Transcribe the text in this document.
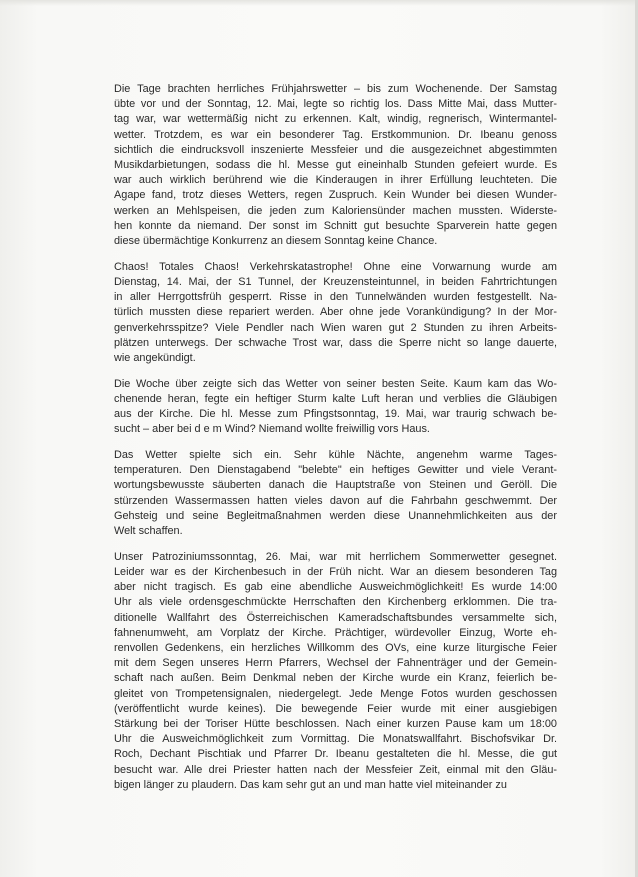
Die Tage brachten herrliches Frühjahrswetter – bis zum Wochenende. Der Samstag
übte vor und der Sonntag, 12. Mai, legte so richtig los. Dass Mitte Mai, dass Mutter-
tag war, war wettermäßig nicht zu erkennen. Kalt, windig, regnerisch, Wintermantel-
wetter. Trotzdem, es war ein besonderer Tag. Erstkommunion. Dr. Ibeanu genoss
sichtlich die eindrucksvoll inszenierte Messfeier und die ausgezeichnet abgestimmten
Musikdarbietungen, sodass die hl. Messe gut eineinhalb Stunden gefeiert wurde. Es
war auch wirklich berührend wie die Kinderaugen in ihrer Erfüllung leuchteten. Die
Agape fand, trotz dieses Wetters, regen Zuspruch. Kein Wunder bei diesen Wunder-
werken an Mehlspeisen, die jeden zum Kaloriensünder machen mussten. Widerste-
hen konnte da niemand. Der sonst im Schnitt gut besuchte Sparverein hatte gegen
diese übermächtige Konkurrenz an diesem Sonntag keine Chance.
Chaos! Totales Chaos! Verkehrskatastrophe! Ohne eine Vorwarnung wurde am
Dienstag, 14. Mai, der S1 Tunnel, der Kreuzensteintunnel, in beiden Fahrtrichtungen
in aller Herrgottsfrüh gesperrt. Risse in den Tunnelwänden wurden festgestellt. Na-
türlich mussten diese repariert werden. Aber ohne jede Vorankündigung? In der Mor-
genverkehrsspitze? Viele Pendler nach Wien waren gut 2 Stunden zu ihren Arbeits-
plätzen unterwegs. Der schwache Trost war, dass die Sperre nicht so lange dauerte,
wie angekündigt.
Die Woche über zeigte sich das Wetter von seiner besten Seite. Kaum kam das Wo-
chenende heran, fegte ein heftiger Sturm kalte Luft heran und verblies die Gläubigen
aus der Kirche. Die hl. Messe zum Pfingstsonntag, 19. Mai, war traurig schwach be-
sucht – aber bei d e m Wind? Niemand wollte freiwillig vors Haus.
Das Wetter spielte sich ein. Sehr kühle Nächte, angenehm warme Tages-
temperaturen. Den Dienstagabend "belebte" ein heftiges Gewitter und viele Verant-
wortungsbewusste säuberten danach die Hauptstraße von Steinen und Geröll. Die
stürzenden Wassermassen hatten vieles davon auf die Fahrbahn geschwemmt. Der
Gehsteig und seine Begleitmaßnahmen werden diese Unannehmlichkeiten aus der
Welt schaffen.
Unser Patroziniumssonntag, 26. Mai, war mit herrlichem Sommerwetter gesegnet.
Leider war es der Kirchenbesuch in der Früh nicht. War an diesem besonderen Tag
aber nicht tragisch. Es gab eine abendliche Ausweichmöglichkeit! Es wurde 14:00
Uhr als viele ordensgeschmückte Herrschaften den Kirchenberg erklommen. Die tra-
ditionelle Wallfahrt des Österreichischen Kameradschaftsbundes versammelte sich,
fahnenumweht, am Vorplatz der Kirche. Prächtiger, würdevoller Einzug, Worte eh-
renvollen Gedenkens, ein herzliches Willkomm des OVs, eine kurze liturgische Feier
mit dem Segen unseres Herrn Pfarrers, Wechsel der Fahnenträger und der Gemein-
schaft nach außen. Beim Denkmal neben der Kirche wurde ein Kranz, feierlich be-
gleitet von Trompetensignalen, niedergelegt. Jede Menge Fotos wurden geschossen
(veröffentlicht wurde keines). Die bewegende Feier wurde mit einer ausgiebigen
Stärkung bei der Toriser Hütte beschlossen. Nach einer kurzen Pause kam um 18:00
Uhr die Ausweichmöglichkeit zum Vormittag. Die Monatswallfahrt. Bischofsvikar Dr.
Roch, Dechant Pischtiak und Pfarrer Dr. Ibeanu gestalteten die hl. Messe, die gut
besucht war. Alle drei Priester hatten nach der Messfeier Zeit, einmal mit den Gläu-
bigen länger zu plaudern. Das kam sehr gut an und man hatte viel miteinander zu
